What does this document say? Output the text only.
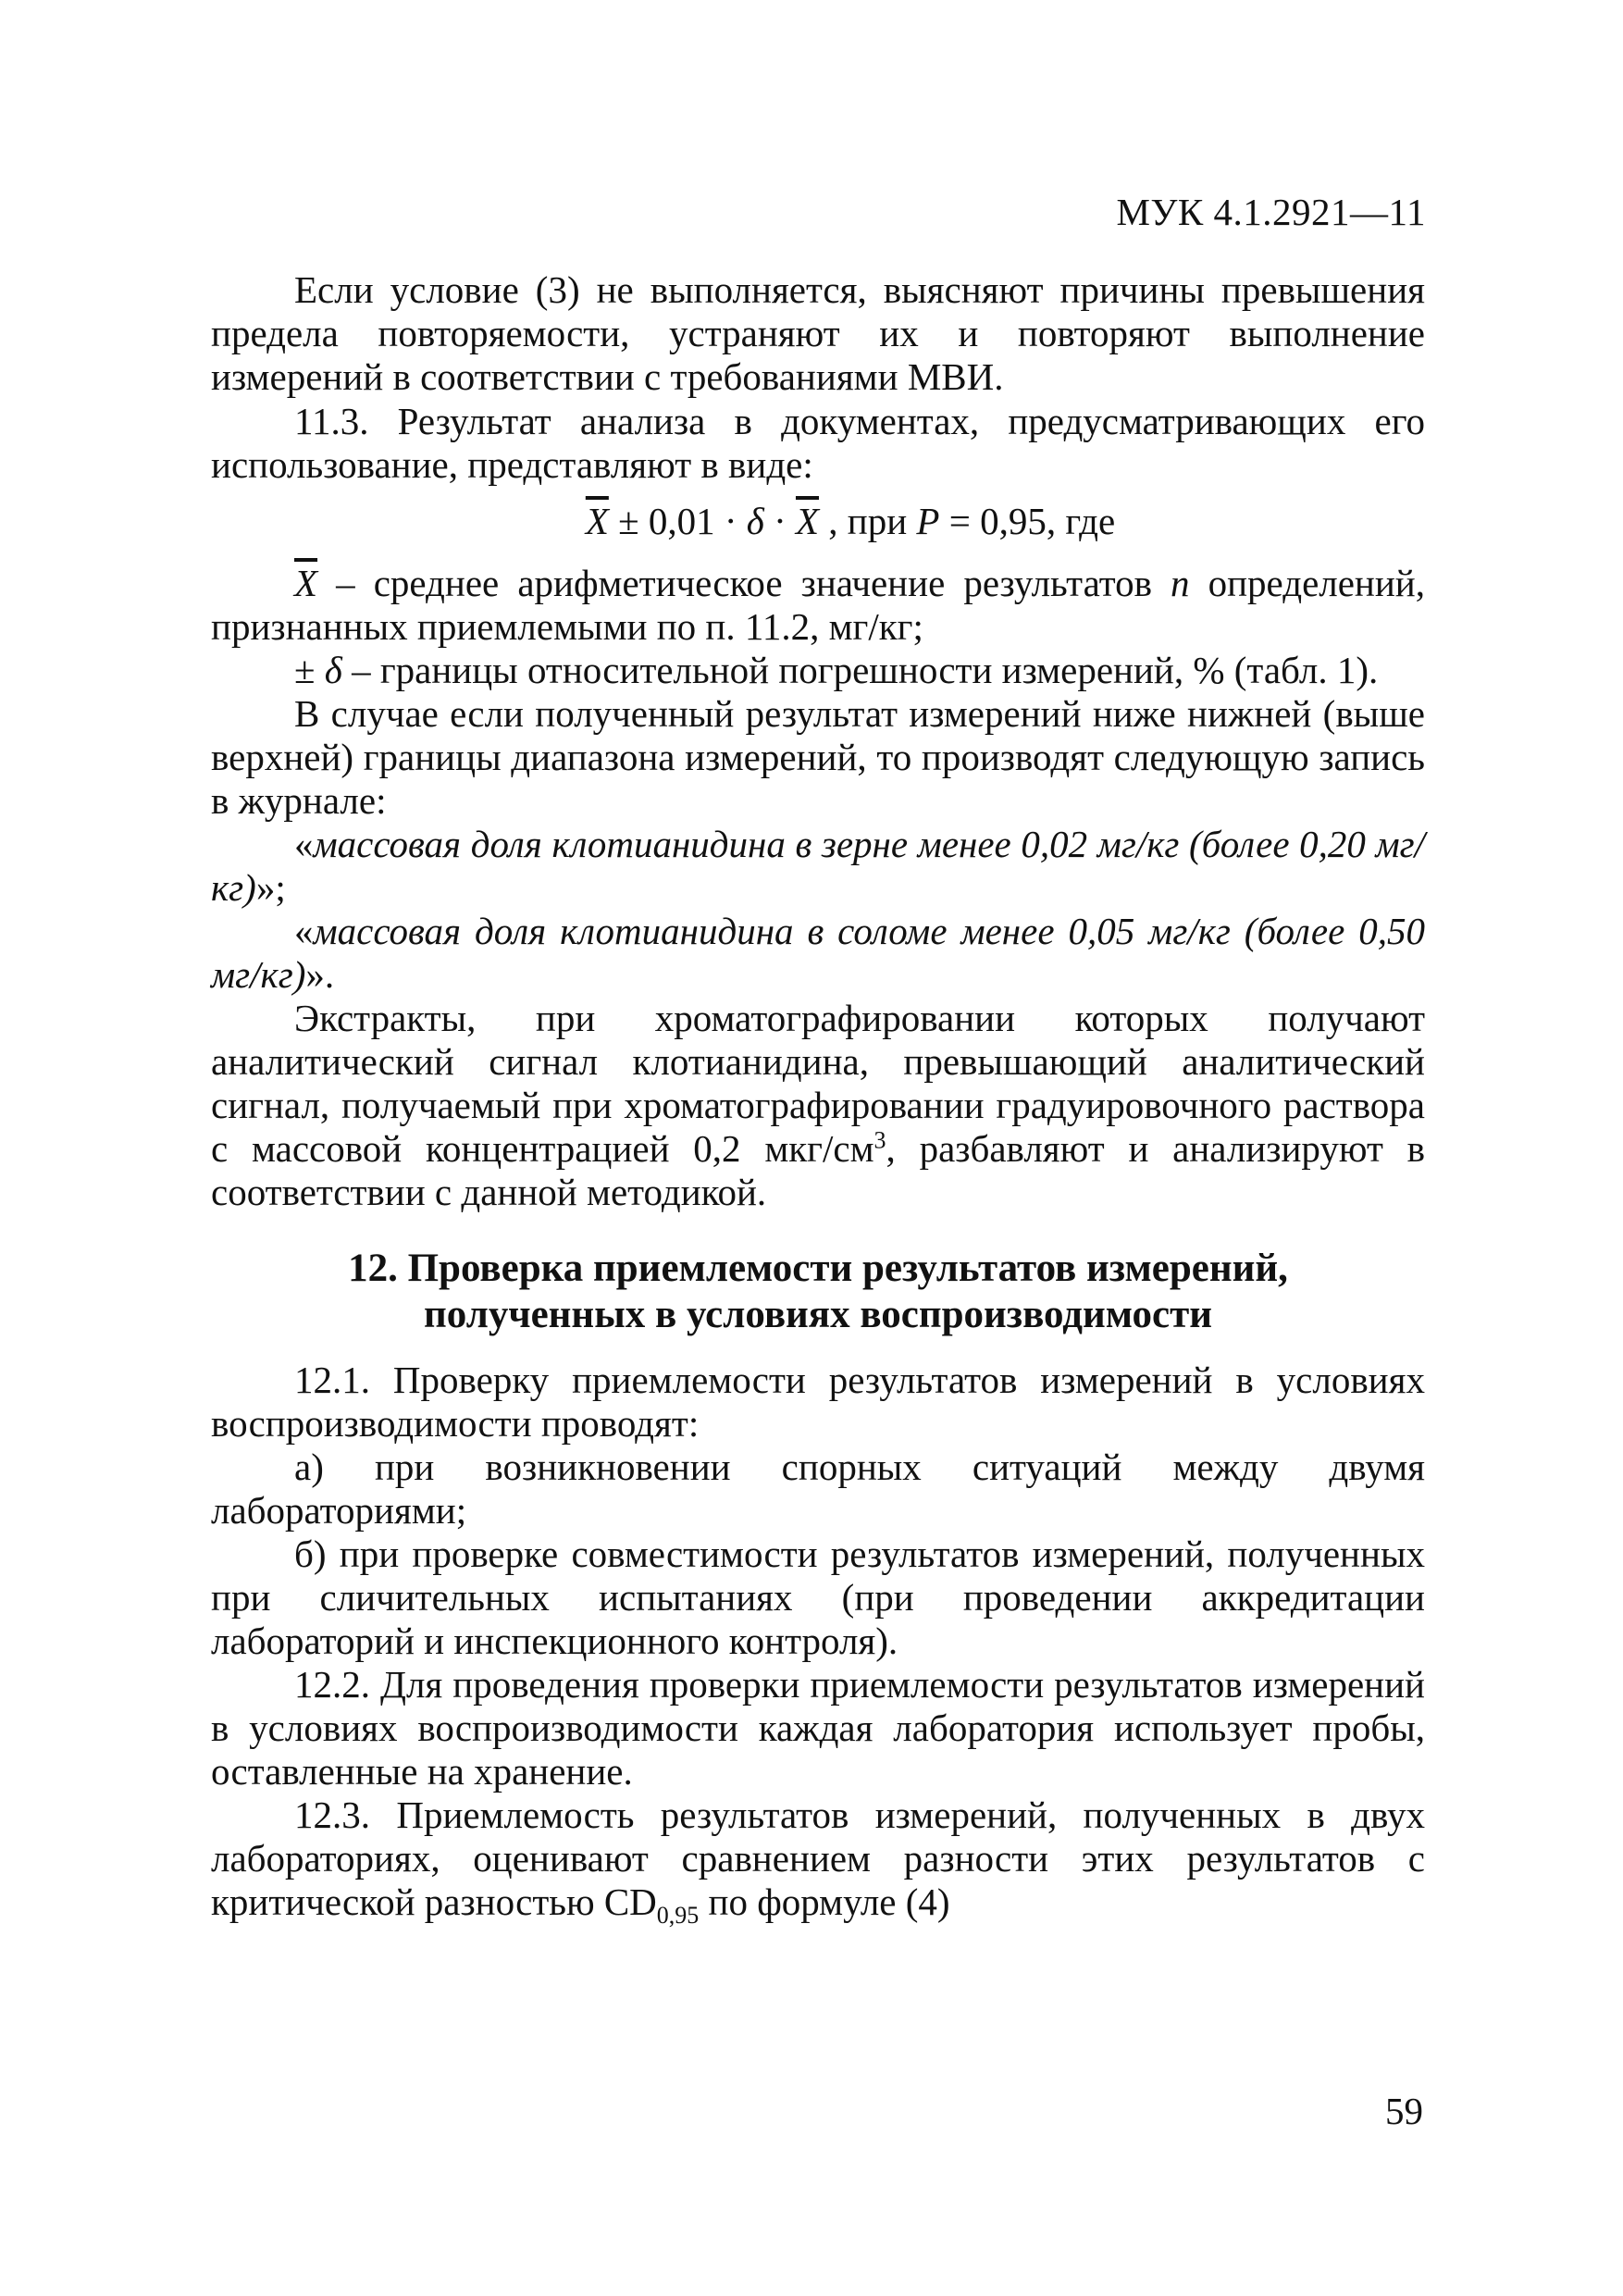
МУК 4.1.2921—11

Если условие (3) не выполняется, выясняют причины превышения предела повторяемости, устраняют их и повторяют выполнение измерений в соответствии с требованиями МВИ.

11.3. Результат анализа в документах, предусматривающих его использование, представляют в виде:

$\overline{X} \pm 0,01 \cdot \delta \cdot \overline{X}$ , при P = 0,95, где

$\overline{X}$ – среднее арифметическое значение результатов n определений, признанных приемлемыми по п. 11.2, мг/кг;

± δ – границы относительной погрешности измерений, % (табл. 1).

В случае если полученный результат измерений ниже нижней (выше верхней) границы диапазона измерений, то производят следующую запись в журнале:

«массовая доля клотианидина в зерне менее 0,02 мг/кг (более 0,20 мг/кг)»;

«массовая доля клотианидина в соломе менее 0,05 мг/кг (более 0,50 мг/кг)».

Экстракты, при хроматографировании которых получают аналитический сигнал клотианидина, превышающий аналитический сигнал, получаемый при хроматографировании градуировочного раствора с массовой концентрацией 0,2 мкг/$см^3$, разбавляют и анализируют в соответствии с данной методикой.

12. Проверка приемлемости результатов измерений,
полученных в условиях воспроизводимости

12.1. Проверку приемлемости результатов измерений в условиях воспроизводимости проводят:

а) при возникновении спорных ситуаций между двумя лабораториями;

б) при проверке совместимости результатов измерений, полученных при сличительных испытаниях (при проведении аккредитации лабораторий и инспекционного контроля).

12.2. Для проведения проверки приемлемости результатов измерений в условиях воспроизводимости каждая лаборатория использует пробы, оставленные на хранение.

12.3. Приемлемость результатов измерений, полученных в двух лабораториях, оценивают сравнением разности этих результатов с критической разностью $CD_{0,95}$ по формуле (4)

59
